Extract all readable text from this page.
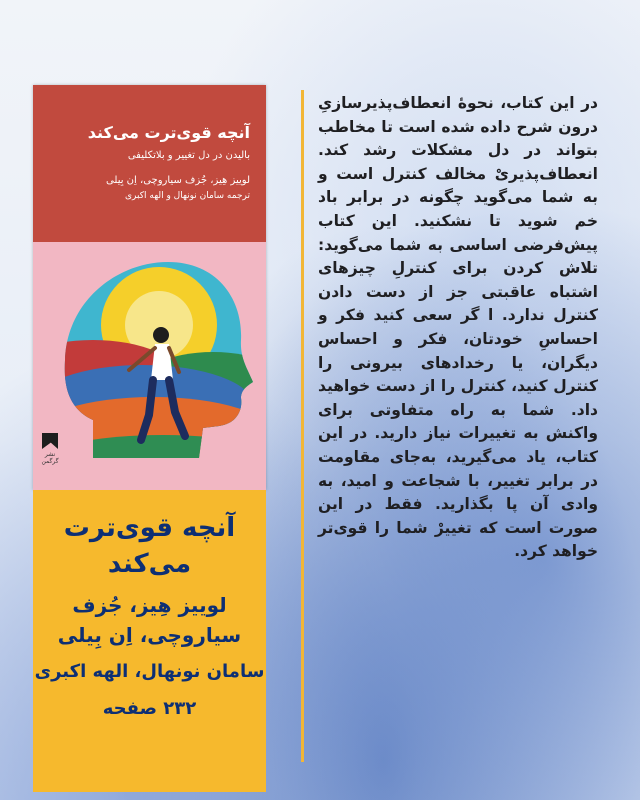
در این کتاب، نحوهٔ انعطاف‌پذیرسازیِ درون شرح داده شده است تا مخاطب بتواند در دل مشکلات رشد کند. انعطاف‌پذیریْ مخالف کنترل است و به شما می‌گوید چگونه در برابر باد خم شوید تا نشکنید. این کتاب پیش‌فرضی اساسی به شما می‌گوید: تلاش کردن برای کنترلِ چیزهای اشتباه عاقبتی جز از دست دادن کنترل ندارد. ا گر سعی کنید فکر و احساسِ خودتان، فکر و احساس دیگران، یا رخدادهای بیرونی را کنترل کنید، کنترل را از دست خواهید داد. شما به راه متفاوتی برای واکنش به تغییرات نیاز دارید. در این کتاب، یاد می‌گیرید، به‌جای مقاومت در برابر تغییر، با شجاعت و امید، به وادی آن پا بگذارید. فقط در این صورت است که تغییرْ شما را قوی‌تر خواهد کرد.

آنچه قوی‌ترت می‌کند

بالیدن در دل تغییر و بلاتکلیفی

لوییز هِیز، جُزف سیاروچی، اِن بِیلی

ترجمه سامان نونهال و الهه اکبری

نشر گرگمن

آنچه قوی‌ترت می‌کند

لوییز هِیز، جُزف سیاروچی، اِن بِیلی

سامان نونهال، الهه اکبری

۲۳۲ صفحه
